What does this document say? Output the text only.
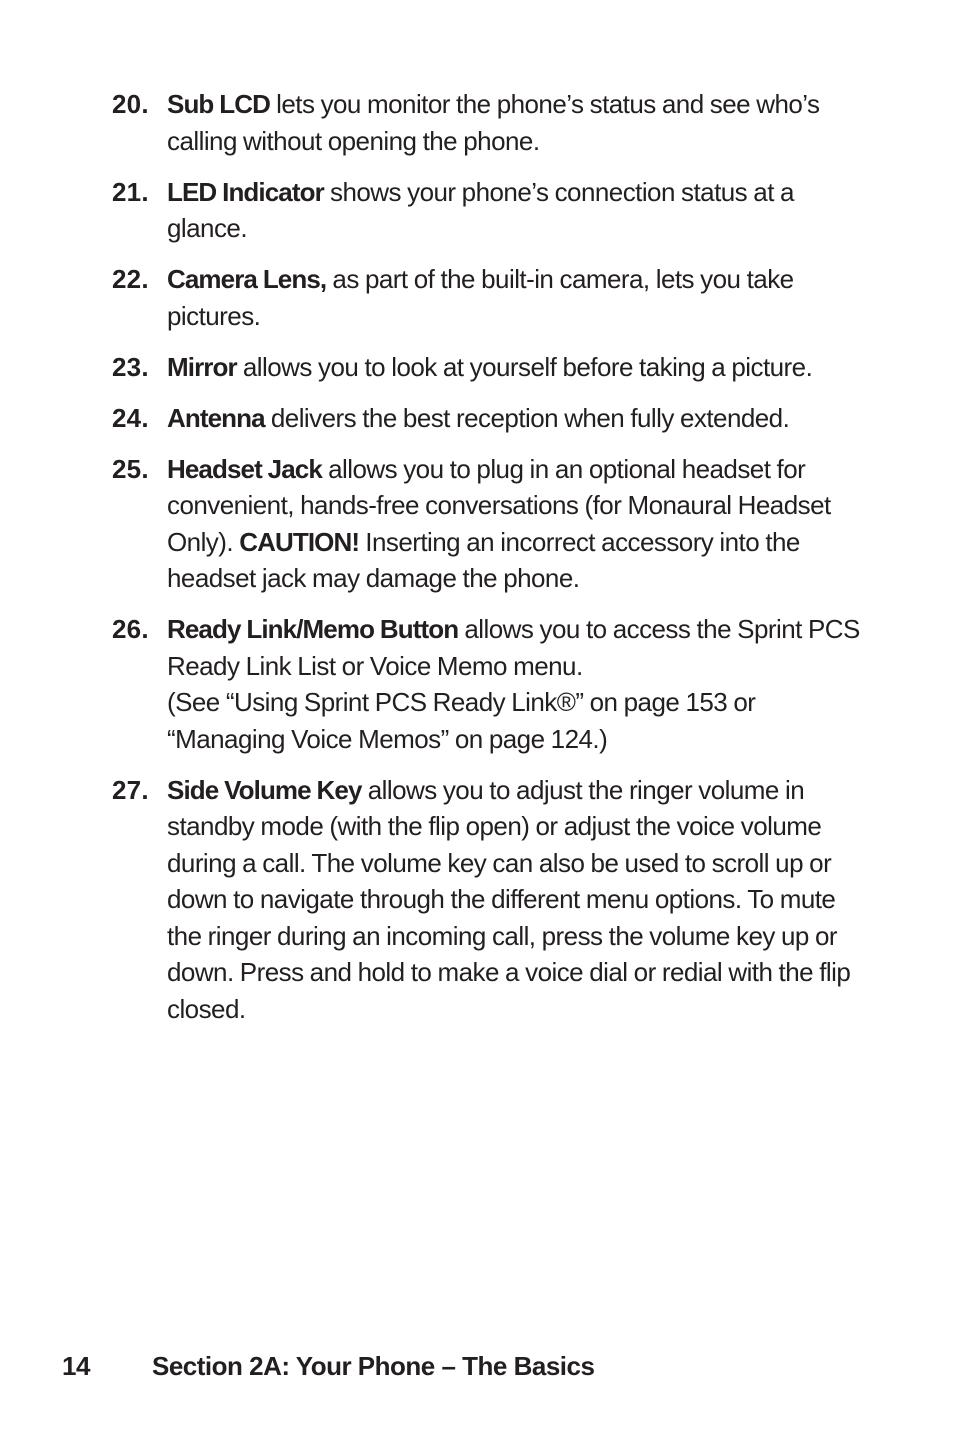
20. Sub LCD lets you monitor the phone’s status and see who’s calling without opening the phone.
21. LED Indicator shows your phone’s connection status at a glance.
22. Camera Lens, as part of the built-in camera, lets you take pictures.
23. Mirror allows you to look at yourself before taking a picture.
24. Antenna delivers the best reception when fully extended.
25. Headset Jack allows you to plug in an optional headset for convenient, hands-free conversations (for Monaural Headset Only). CAUTION! Inserting an incorrect accessory into the headset jack may damage the phone.
26. Ready Link/Memo Button allows you to access the Sprint PCS Ready Link List or Voice Memo menu.
(See “Using Sprint PCS Ready Link®” on page 153 or “Managing Voice Memos” on page 124.)
27. Side Volume Key allows you to adjust the ringer volume in standby mode (with the flip open) or adjust the voice volume during a call. The volume key can also be used to scroll up or down to navigate through the different menu options. To mute the ringer during an incoming call, press the volume key up or down. Press and hold to make a voice dial or redial with the flip closed.
14 Section 2A: Your Phone – The Basics
